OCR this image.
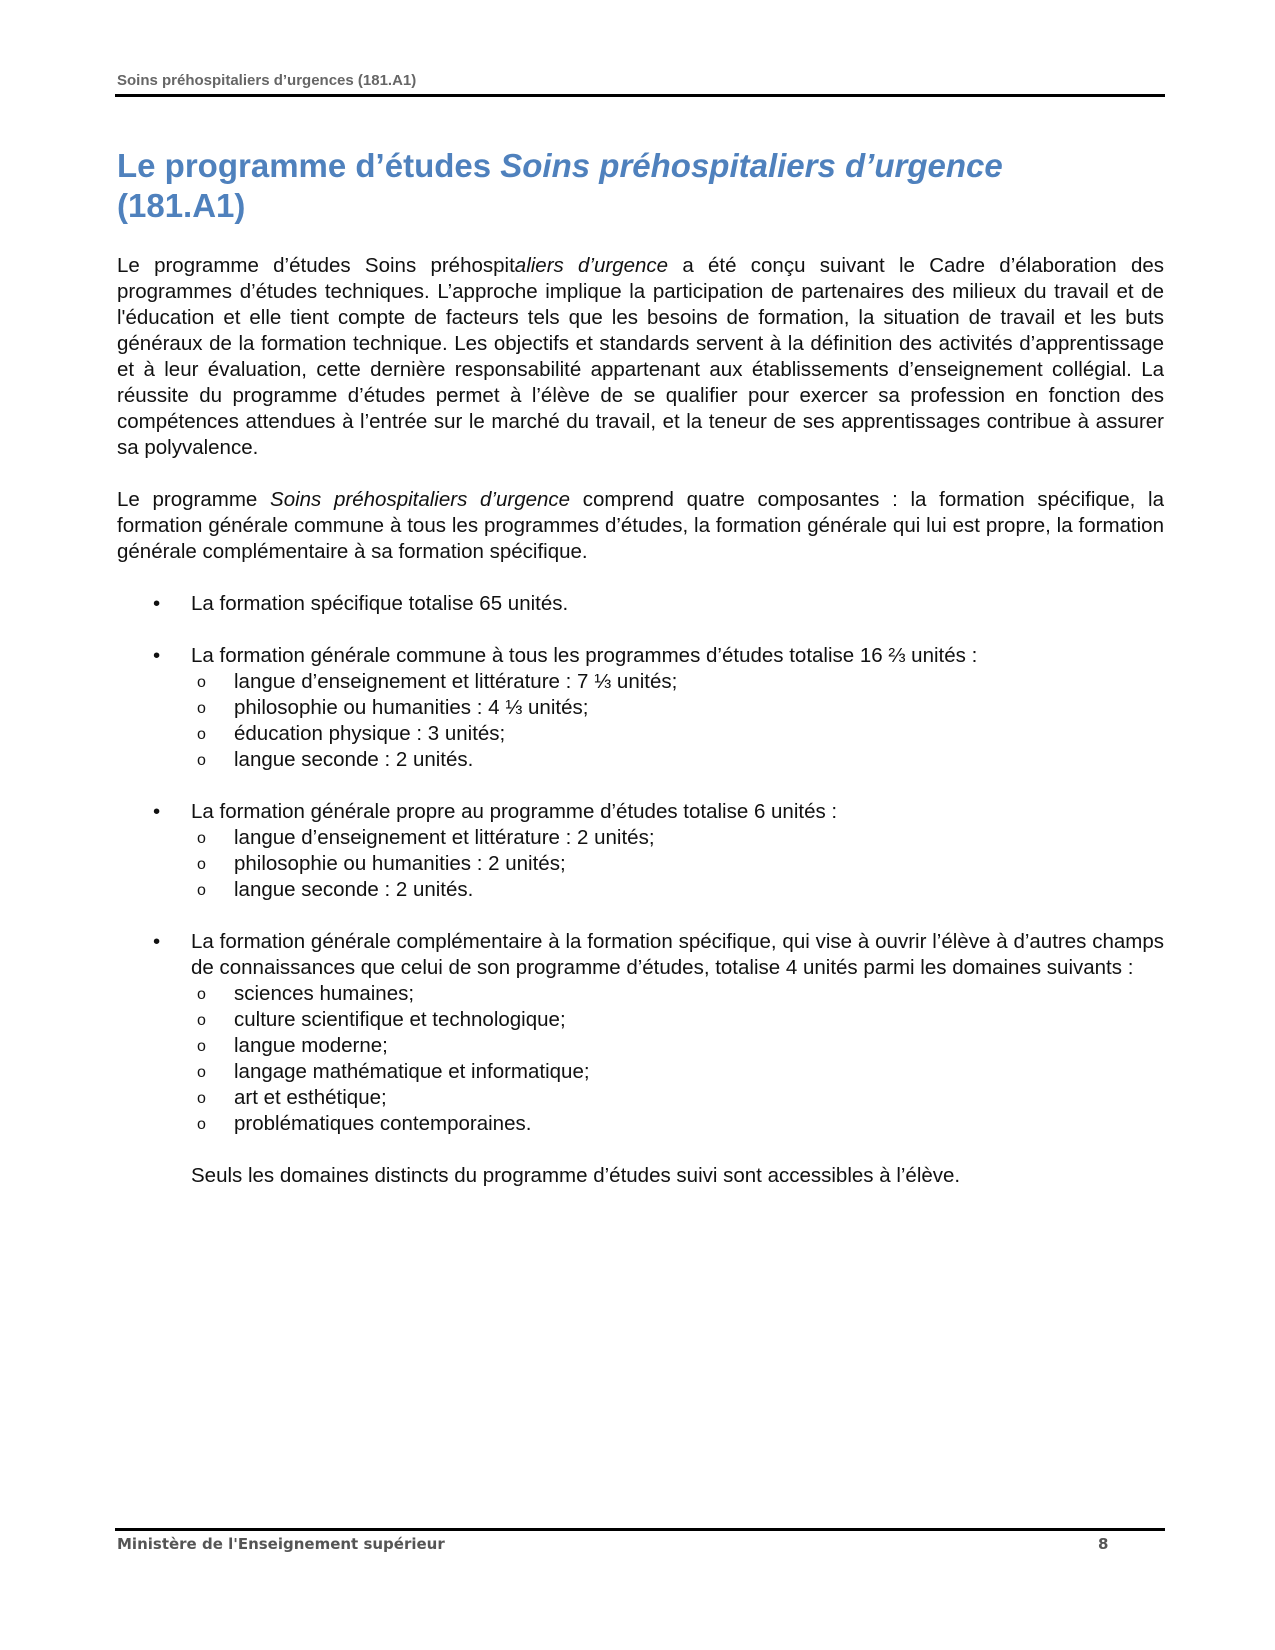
Soins préhospitaliers d’urgences (181.A1)
Le programme d’études Soins préhospitaliers d’urgence
(181.A1)

Le programme d’études Soins préhospitaliers d’urgence a été conçu suivant le Cadre d’élaboration des programmes d’études techniques. L’approche implique la participation de partenaires des milieux du travail et de l'éducation et elle tient compte de facteurs tels que les besoins de formation, la situation de travail et les buts généraux de la formation technique. Les objectifs et standards servent à la définition des activités d’apprentissage et à leur évaluation, cette dernière responsabilité appartenant aux établissements d’enseignement collégial. La réussite du programme d’études permet à l’élève de se qualifier pour exercer sa profession en fonction des compétences attendues à l’entrée sur le marché du travail, et la teneur de ses apprentissages contribue à assurer sa polyvalence.

Le programme Soins préhospitaliers d’urgence comprend quatre composantes : la formation spécifique, la formation générale commune à tous les programmes d’études, la formation générale qui lui est propre, la formation générale complémentaire à sa formation spécifique.

• La formation spécifique totalise 65 unités.
• La formation générale commune à tous les programmes d’études totalise 16 ⅔ unités :
o langue d’enseignement et littérature : 7 ⅓ unités;
o philosophie ou humanities : 4 ⅓ unités;
o éducation physique : 3 unités;
o langue seconde : 2 unités.
• La formation générale propre au programme d’études totalise 6 unités :
o langue d’enseignement et littérature : 2 unités;
o philosophie ou humanities : 2 unités;
o langue seconde : 2 unités.
• La formation générale complémentaire à la formation spécifique, qui vise à ouvrir l’élève à d’autres champs de connaissances que celui de son programme d’études, totalise 4 unités parmi les domaines suivants :
o sciences humaines;
o culture scientifique et technologique;
o langue moderne;
o langage mathématique et informatique;
o art et esthétique;
o problématiques contemporaines.
Seuls les domaines distincts du programme d’études suivi sont accessibles à l’élève.
Ministère de l'Enseignement supérieur	8
